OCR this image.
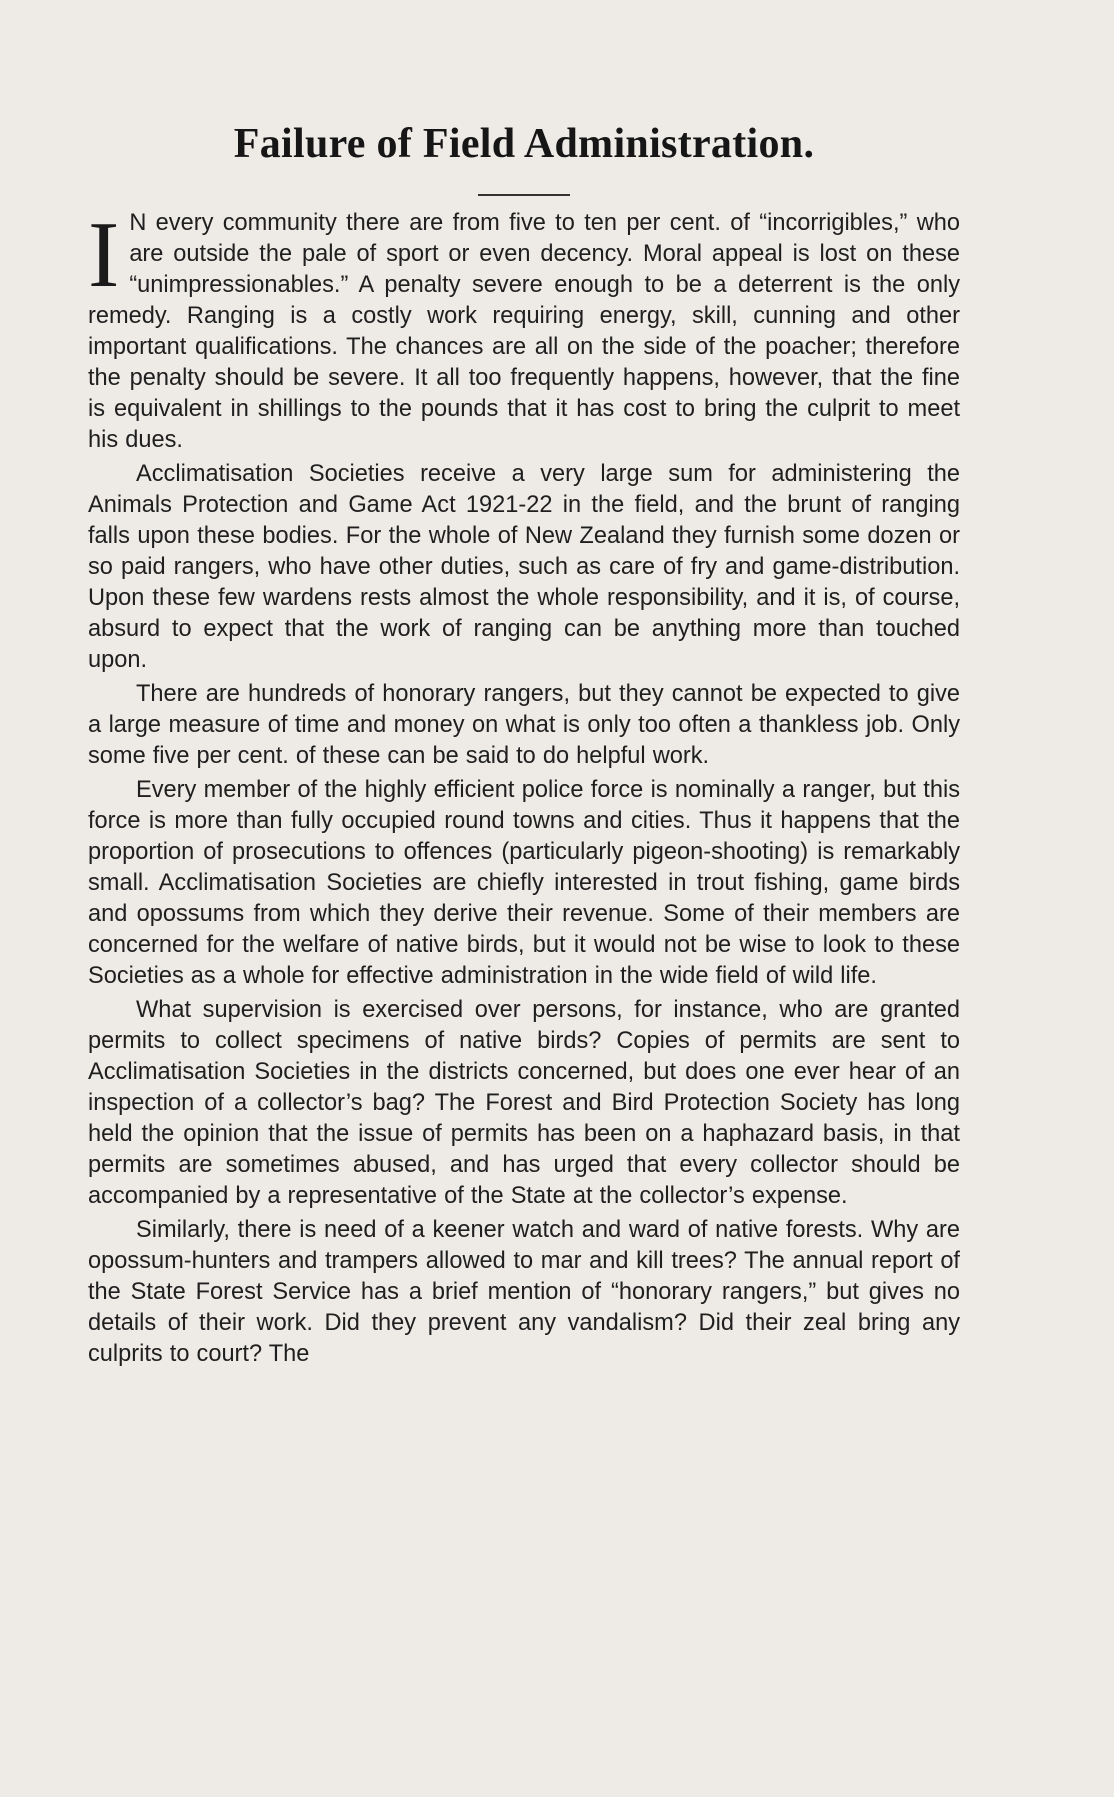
Failure of Field Administration.

I N every community there are from five to ten per cent. of “incorrigibles,” who are outside the pale of sport or even decency. Moral appeal is lost on these “unimpressionables.” A penalty severe enough to be a deterrent is the only remedy. Ranging is a costly work requiring energy, skill, cunning and other important qualifications. The chances are all on the side of the poacher; therefore the penalty should be severe. It all too frequently happens, however, that the fine is equivalent in shillings to the pounds that it has cost to bring the culprit to meet his dues.

Acclimatisation Societies receive a very large sum for administering the Animals Protection and Game Act 1921-22 in the field, and the brunt of ranging falls upon these bodies. For the whole of New Zealand they furnish some dozen or so paid rangers, who have other duties, such as care of fry and game-distribution. Upon these few wardens rests almost the whole responsibility, and it is, of course, absurd to expect that the work of ranging can be anything more than touched upon.

There are hundreds of honorary rangers, but they cannot be expected to give a large measure of time and money on what is only too often a thankless job. Only some five per cent. of these can be said to do helpful work.

Every member of the highly efficient police force is nominally a ranger, but this force is more than fully occupied round towns and cities. Thus it happens that the proportion of prosecutions to offences (particularly pigeon-shooting) is remarkably small. Acclimatisation Societies are chiefly interested in trout fishing, game birds and opossums from which they derive their revenue. Some of their members are concerned for the welfare of native birds, but it would not be wise to look to these Societies as a whole for effective administration in the wide field of wild life.

What supervision is exercised over persons, for instance, who are granted permits to collect specimens of native birds? Copies of permits are sent to Acclimatisation Societies in the districts concerned, but does one ever hear of an inspection of a collector’s bag? The Forest and Bird Protection Society has long held the opinion that the issue of permits has been on a haphazard basis, in that permits are sometimes abused, and has urged that every collector should be accompanied by a representative of the State at the collector’s expense.

Similarly, there is need of a keener watch and ward of native forests. Why are opossum-hunters and trampers allowed to mar and kill trees? The annual report of the State Forest Service has a brief mention of “honorary rangers,” but gives no details of their work. Did they prevent any vandalism? Did their zeal bring any culprits to court? The
